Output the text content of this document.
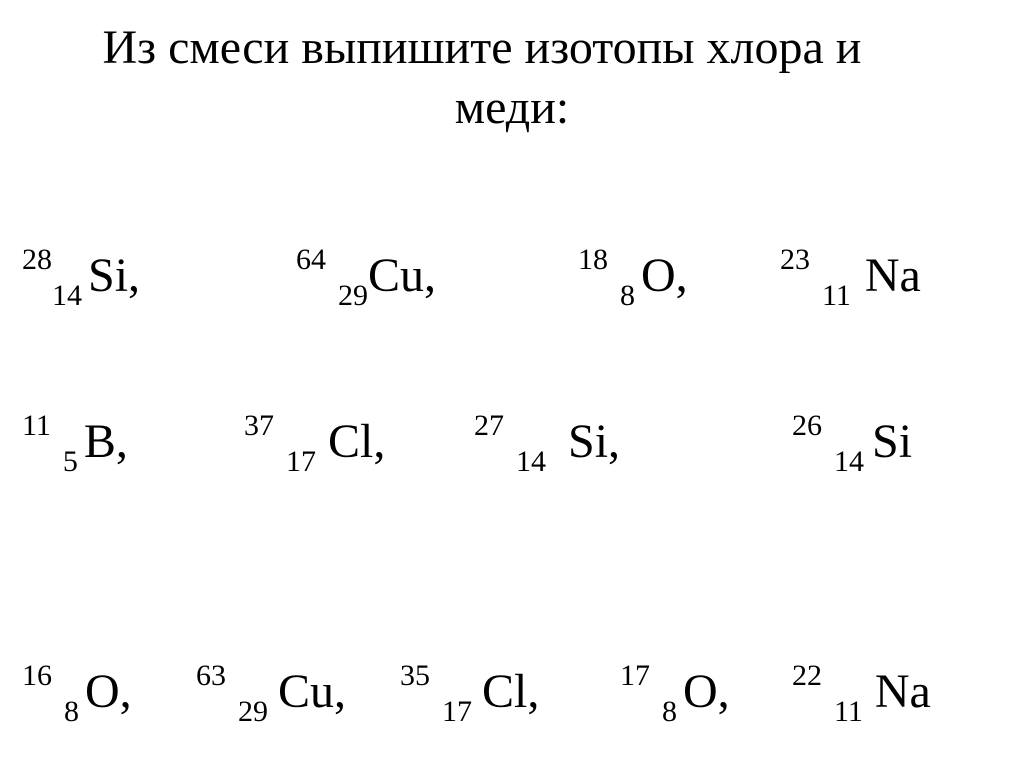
Из смеси выпишите изотопы хлора и
меди:
$^{28}_{14}$ Si,	$^{64}$ $_{29}$Cu,	$^{18}$ $_8$ O,	$^{23}$ $_{11}$ Na
$^{11}$ $_5$ B,	$^{37}$ $_{17}$ Cl,	$^{27}$ $_{14}$ Si,	$^{26}$ $_{14}$ Si
$^{16}$ $_8$ O, $^{63}$ $_{29}$ Cu, $^{35}$ $_{17}$ Cl,	$^{17}$ $_8$ O, $^{22}$ $_{11}$ Na
